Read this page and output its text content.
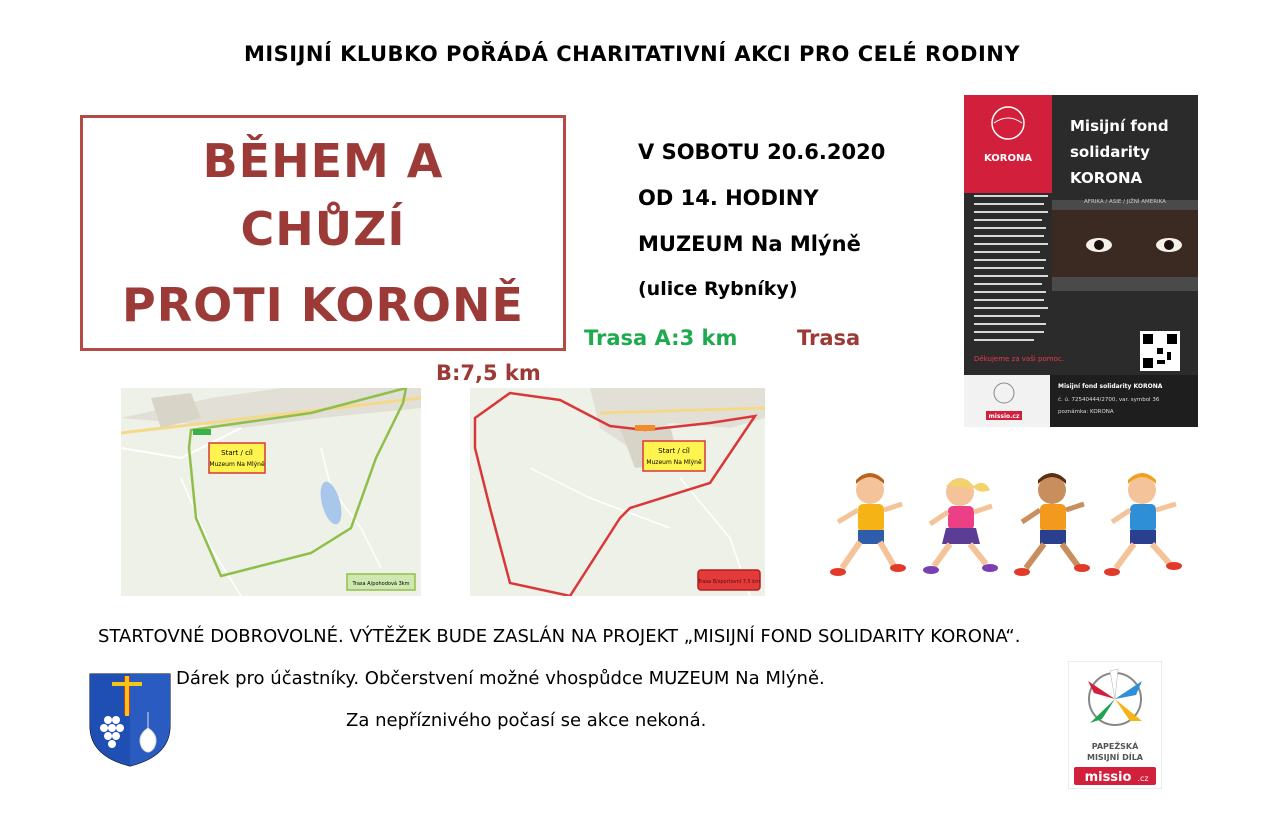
MISIJNÍ KLUBKO POŘÁDÁ CHARITATIVNÍ AKCI PRO CELÉ RODINY
BĚHEM A
CHŮZÍ
PROTI KORONĚ
V SOBOTU 20.6.2020
OD 14. HODINY
MUZEUM Na Mlýně
(ulice Rybníky)
Trasa A:3 km	Trasa
B:7,5 km
Start / cíl
Muzeum Na Mlýně
Trasa A/pohodová 3km
Start / cíl
Muzeum Na Mlýně
Trasa B/sportovní 7,5 km
KORONA
Misijní fond
solidarity
KORONA
AFRIKA / ASIE / JIŽNÍ AMERIKA
Děkujeme za vaši pomoc.
missio.cz
Misijní fond solidarity KORONA
č. ú. 72540444/2700, var. symbol 36
poznámka: KORONA
STARTOVNÉ DOBROVOLNÉ. VÝTĚŽEK BUDE ZASLÁN NA PROJEKT „MISIJNÍ FOND SOLIDARITY KORONA“.
Dárek pro účastníky. Občerstvení možné vhospůdce MUZEUM Na Mlýně.
Za nepříznivého počasí se akce nekoná.
PAPEŽSKÁ
MISIJNÍ DÍLA
missio .cz
